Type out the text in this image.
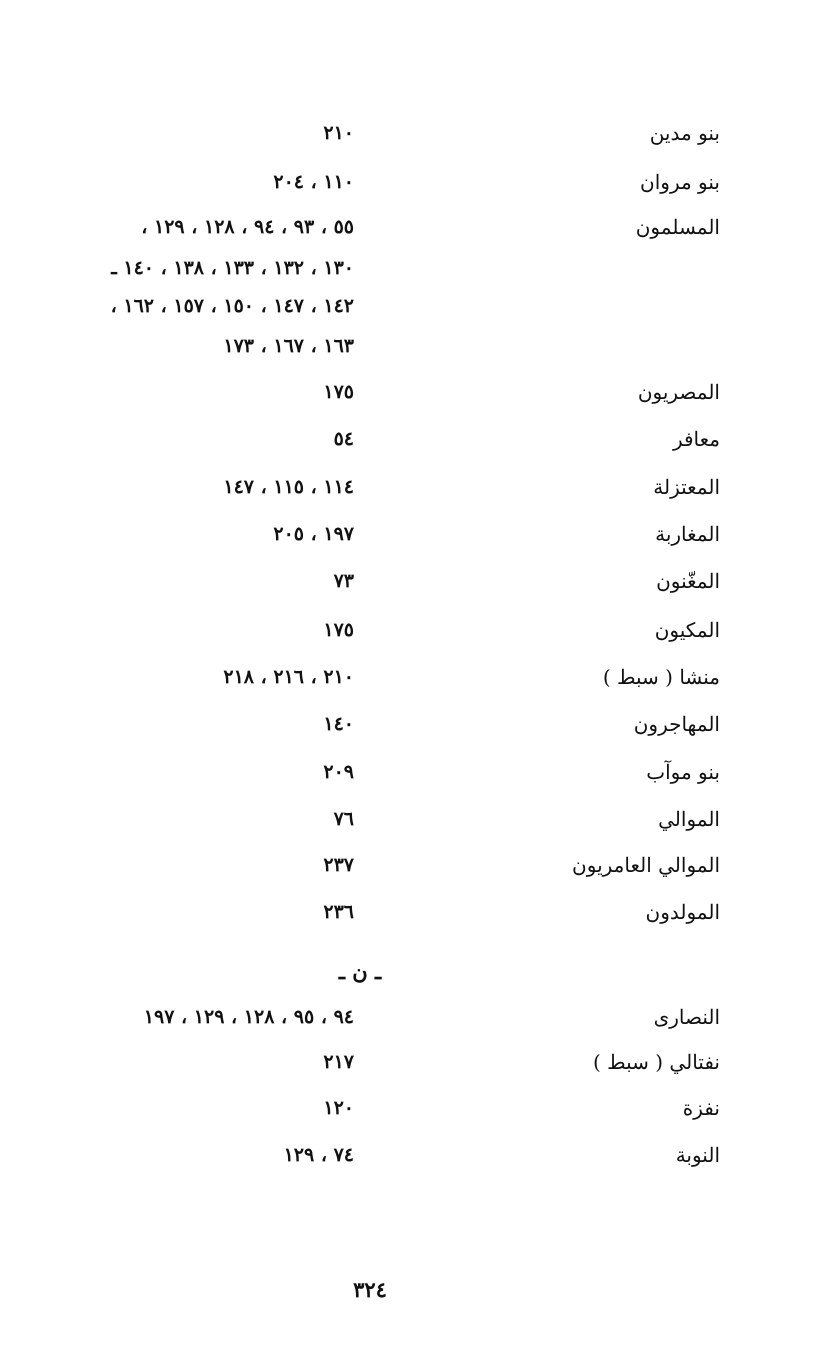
بنو مدين
٢١٠
بنو مروان
١١٠ ، ٢٠٤
المسلمون
٥٥ ، ٩٣ ، ٩٤ ، ١٢٨ ، ١٢٩ ،
١٣٠ ، ١٣٢ ، ١٣٣ ، ١٣٨ ، ١٤٠ ـ
١٤٢ ، ١٤٧ ، ١٥٠ ، ١٥٧ ، ١٦٢ ،
١٦٣ ، ١٦٧ ، ١٧٣
المصريون
١٧٥
معافر
٥٤
المعتزلة
١١٤ ، ١١٥ ، ١٤٧
المغاربة
١٩٧ ، ٢٠٥
المغّنون
٧٣
المكيون
١٧٥
منشا ( سبط )
٢١٠ ، ٢١٦ ، ٢١٨
المهاجرون
١٤٠
بنو موآب
٢٠٩
الموالي
٧٦
الموالي العامريون
٢٣٧
المولدون
٢٣٦
ـ ن ـ
النصارى
٩٤ ، ٩٥ ، ١٢٨ ، ١٢٩ ، ١٩٧
نفتالي ( سبط )
٢١٧
نفزة
١٢٠
النوبة
٧٤ ، ١٢٩
٣٢٤
